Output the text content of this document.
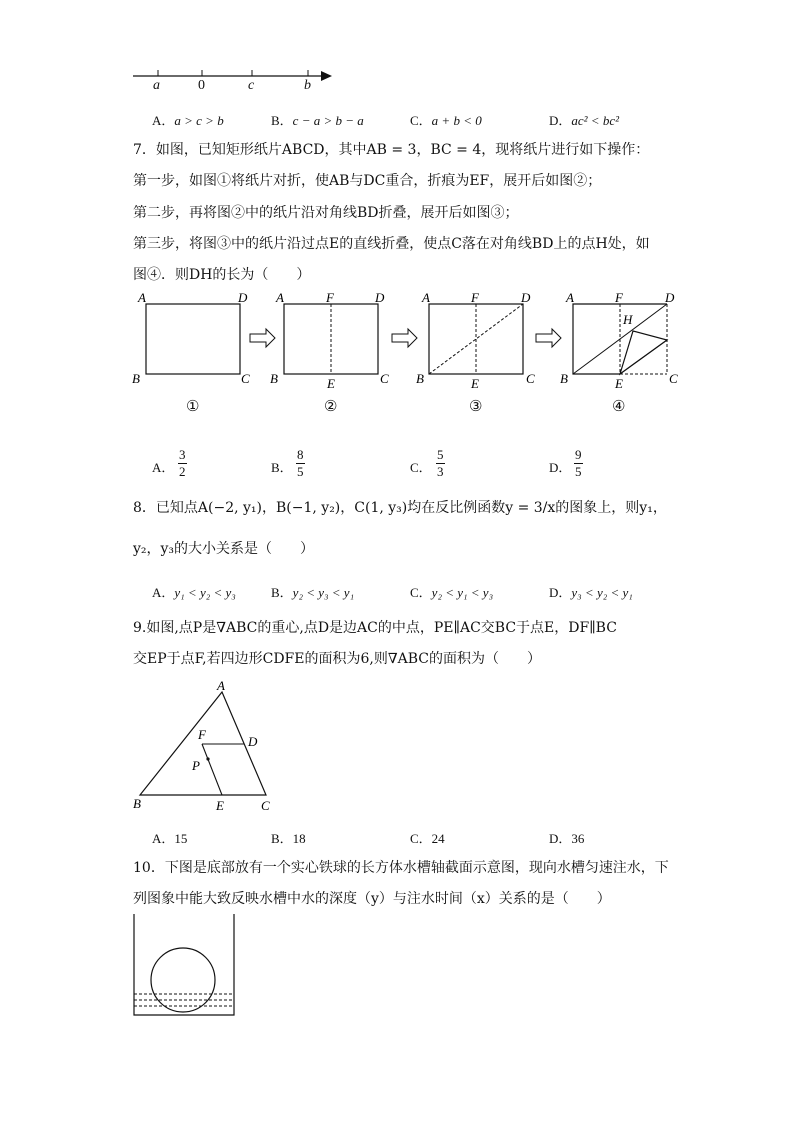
a	0	c	b
A．a > c > b	B．c − a > b − a	C．a + b < 0	D．ac² < bc²
7．如图，已知矩形纸片ABCD，其中AB = 3，BC = 4，现将纸片进行如下操作：
第一步，如图①将纸片对折，使AB与DC重合，折痕为EF，展开后如图②；
第二步，再将图②中的纸片沿对角线BD折叠，展开后如图③；
第三步，将图③中的纸片沿过点E的直线折叠，使点C落在对角线BD上的点H处，如
图④．则DH的长为（　　）
A	D
B	C
A	F	D
B	E	C
A	F	D
B	E	C
A	F	D
H
B	E	C
①	②	③	④
A． $\frac{3}{2}$	B． $\frac{8}{5}$	C． $\frac{5}{3}$	D． $\frac{9}{5}$
8．已知点A(−2, y₁)，B(−1, y₂)，C(1, y₃)均在反比例函数y = 3/x的图象上，则y₁，
y₂，y₃的大小关系是（　　）
A．y₁ < y₂ < y₃	B．y₂ < y₃ < y₁	C．y₂ < y₁ < y₃	D．y₃ < y₂ < y₁
9.如图,点P是∇ABC的重心,点D是边AC的中点，PE∥AC交BC于点E，DF∥BC
交EP于点F,若四边形CDFE的面积为6,则∇ABC的面积为（　　）
A
F	D
P
B	E	C
A．15	B．18	C．24	D．36
10．下图是底部放有一个实心铁球的长方体水槽轴截面示意图，现向水槽匀速注水，下
列图象中能大致反映水槽中水的深度（y）与注水时间（x）关系的是（　　）
